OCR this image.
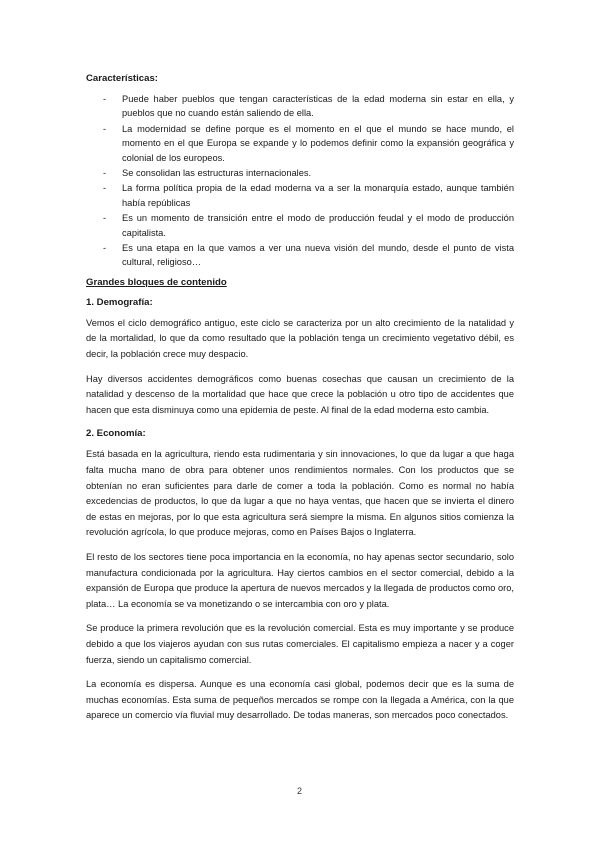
Características:
- Puede haber pueblos que tengan características de la edad moderna sin estar en ella, y pueblos que no cuando están saliendo de ella.
- La modernidad se define porque es el momento en el que el mundo se hace mundo, el momento en el que Europa se expande y lo podemos definir como la expansión geográfica y colonial de los europeos.
- Se consolidan las estructuras internacionales.
- La forma política propia de la edad moderna va a ser la monarquía estado, aunque también había repúblicas
- Es un momento de transición entre el modo de producción feudal y el modo de producción capitalista.
- Es una etapa en la que vamos a ver una nueva visión del mundo, desde el punto de vista cultural, religioso…
Grandes bloques de contenido
1. Demografía:

Vemos el ciclo demográfico antiguo, este ciclo se caracteriza por un alto crecimiento de la natalidad y de la mortalidad, lo que da como resultado que la población tenga un crecimiento vegetativo débil, es decir, la población crece muy despacio.

Hay diversos accidentes demográficos como buenas cosechas que causan un crecimiento de la natalidad y descenso de la mortalidad que hace que crece la población u otro tipo de accidentes que hacen que esta disminuya como una epidemia de peste. Al final de la edad moderna esto cambia.

2. Economía:

Está basada en la agricultura, riendo esta rudimentaria y sin innovaciones, lo que da lugar a que haga falta mucha mano de obra para obtener unos rendimientos normales. Con los productos que se obtenían no eran suficientes para darle de comer a toda la población. Como es normal no había excedencias de productos, lo que da lugar a que no haya ventas, que hacen que se invierta el dinero de estas en mejoras, por lo que esta agricultura será siempre la misma. En algunos sitios comienza la revolución agrícola, lo que produce mejoras, como en Países Bajos o Inglaterra.

El resto de los sectores tiene poca importancia en la economía, no hay apenas sector secundario, solo manufactura condicionada por la agricultura. Hay ciertos cambios en el sector comercial, debido a la expansión de Europa que produce la apertura de nuevos mercados y la llegada de productos como oro, plata… La economía se va monetizando o se intercambia con oro y plata.

Se produce la primera revolución que es la revolución comercial. Esta es muy importante y se produce debido a que los viajeros ayudan con sus rutas comerciales. El capitalismo empieza a nacer y a coger fuerza, siendo un capitalismo comercial.

La economía es dispersa. Aunque es una economía casi global, podemos decir que es la suma de muchas economías. Esta suma de pequeños mercados se rompe con la llegada a América, con la que aparece un comercio vía fluvial muy desarrollado. De todas maneras, son mercados poco conectados.

2
